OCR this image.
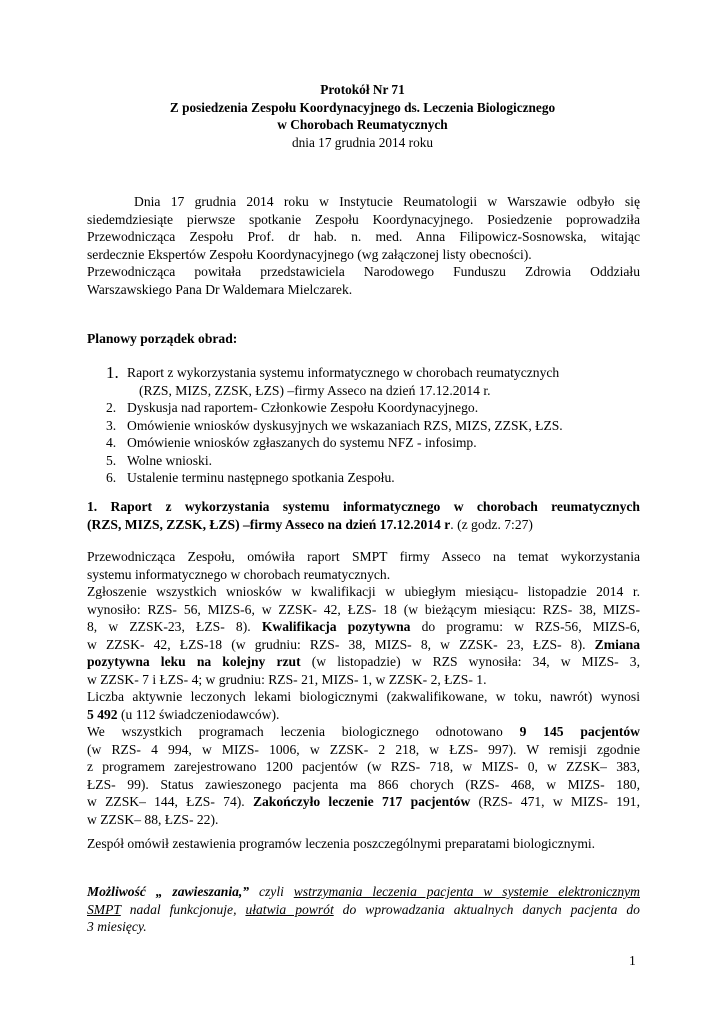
Protokół Nr 71
Z posiedzenia Zespołu Koordynacyjnego ds. Leczenia Biologicznego
w Chorobach Reumatycznych
dnia 17 grudnia 2014 roku

Dnia 17 grudnia 2014 roku w Instytucie Reumatologii w Warszawie odbyło się

siedemdziesiąte pierwsze spotkanie Zespołu Koordynacyjnego. Posiedzenie poprowadziła

Przewodnicząca Zespołu Prof. dr hab. n. med. Anna Filipowicz-Sosnowska, witając

serdecznie Ekspertów Zespołu Koordynacyjnego (wg załączonej listy obecności).

Przewodnicząca powitała przedstawiciela Narodowego Funduszu Zdrowia Oddziału

Warszawskiego Pana Dr Waldemara Mielczarek.

Planowy porządek obrad:
1. Raport z wykorzystania systemu informatycznego w chorobach reumatycznych
(RZS, MIZS, ZZSK, ŁZS) –firmy Asseco na dzień 17.12.2014 r.
2. Dyskusja nad raportem- Członkowie Zespołu Koordynacyjnego.
3. Omówienie wniosków dyskusyjnych we wskazaniach RZS, MIZS, ZZSK, ŁZS.
4. Omówienie wniosków zgłaszanych do systemu NFZ - infosimp.
5. Wolne wnioski.
6. Ustalenie terminu następnego spotkania Zespołu.

1. Raport z wykorzystania systemu informatycznego w chorobach reumatycznych

(RZS, MIZS, ZZSK, ŁZS) –firmy Asseco na dzień 17.12.2014 r. (z godz. 7:27)

Przewodnicząca Zespołu, omówiła raport SMPT firmy Asseco na temat wykorzystania

systemu informatycznego w chorobach reumatycznych.

Zgłoszenie wszystkich wniosków w kwalifikacji w ubiegłym miesiącu- listopadzie 2014 r.

wynosiło: RZS- 56, MIZS-6, w ZZSK- 42, ŁZS- 18 (w bieżącym miesiącu: RZS- 38, MIZS-

8, w ZZSK-23, ŁZS- 8). Kwalifikacja pozytywna do programu: w RZS-56, MIZS-6,

w ZZSK- 42, ŁZS-18 (w grudniu: RZS- 38, MIZS- 8, w ZZSK- 23, ŁZS- 8). Zmiana

pozytywna leku na kolejny rzut (w listopadzie) w RZS wynosiła: 34, w MIZS- 3,

w ZZSK- 7 i ŁZS- 4; w grudniu: RZS- 21, MIZS- 1, w ZZSK- 2, ŁZS- 1.

Liczba aktywnie leczonych lekami biologicznymi (zakwalifikowane, w toku, nawrót) wynosi

5 492 (u 112 świadczeniodawców).

We wszystkich programach leczenia biologicznego odnotowano 9 145 pacjentów

(w RZS- 4 994, w MIZS- 1006, w ZZSK- 2 218, w ŁZS- 997). W remisji zgodnie

z programem zarejestrowano 1200 pacjentów (w RZS- 718, w MIZS- 0, w ZZSK– 383,

ŁZS- 99). Status zawieszonego pacjenta ma 866 chorych (RZS- 468, w MIZS- 180,

w ZZSK– 144, ŁZS- 74). Zakończyło leczenie 717 pacjentów (RZS- 471, w MIZS- 191,

w ZZSK– 88, ŁZS- 22).

Zespół omówił zestawienia programów leczenia poszczególnymi preparatami biologicznymi.

Możliwość „ zawieszania,” czyli wstrzymania leczenia pacjenta w systemie elektronicznym

SMPT nadal funkcjonuje, ułatwia powrót do wprowadzania aktualnych danych pacjenta do

3 miesięcy.

1
